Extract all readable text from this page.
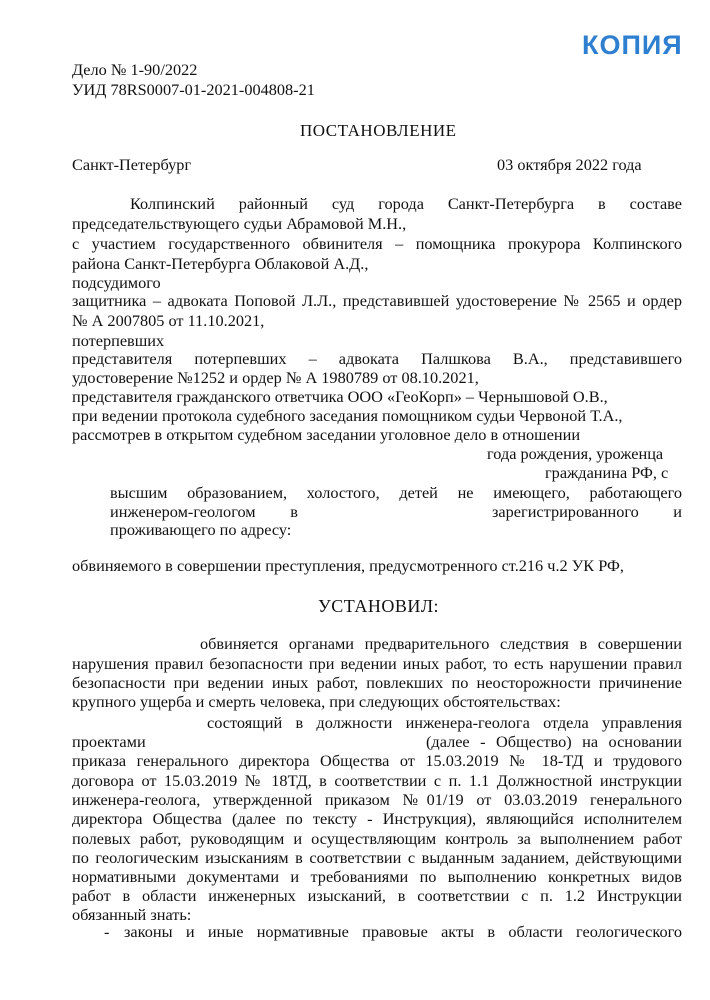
КОПИЯ
Дело № 1-90/2022
УИД 78RS0007-01-2021-004808-21
ПОСТАНОВЛЕНИЕ
Санкт-Петербург	03 октября 2022 года
Колпинский районный суд города Санкт-Петербурга в составе
председательствующего судьи Абрамовой М.Н.,
с участием государственного обвинителя – помощника прокурора Колпинского
района Санкт-Петербурга Облаковой А.Д.,
подсудимого
защитника – адвоката Поповой Л.Л., представившей удостоверение № 2565 и ордер
№ А 2007805 от 11.10.2021,
потерпевших
представителя потерпевших – адвоката Палшкова В.А., представившего
удостоверение №1252 и ордер № А 1980789 от 08.10.2021,
представителя гражданского ответчика ООО «ГеоКорп» – Чернышовой О.В.,
при ведении протокола судебного заседания помощником судьи Червоной Т.А.,
рассмотрев в открытом судебном заседании уголовное дело в отношении
года рождения, уроженца
гражданина РФ, с
высшим образованием, холостого, детей не имеющего, работающего
инженером-геологом в	зарегистрированного и
проживающего по адресу:
обвиняемого в совершении преступления, предусмотренного ст.216 ч.2 УК РФ,
УСТАНОВИЛ:
обвиняется органами предварительного следствия в совершении
нарушения правил безопасности при ведении иных работ, то есть нарушении правил
безопасности при ведении иных работ, повлекших по неосторожности причинение
крупного ущерба и смерть человека, при следующих обстоятельствах:
состоящий в должности инженера-геолога отдела управления
проектами	(далее - Общество) на основании
приказа генерального директора Общества от 15.03.2019 № 18-ТД и трудового
договора от 15.03.2019 № 18ТД, в соответствии с п. 1.1 Должностной инструкции
инженера-геолога, утвержденной приказом №01/19 от 03.03.2019 генерального
директора Общества (далее по тексту - Инструкция), являющийся исполнителем
полевых работ, руководящим и осуществляющим контроль за выполнением работ
по геологическим изысканиям в соответствии с выданным заданием, действующими
нормативными документами и требованиями по выполнению конкретных видов
работ в области инженерных изысканий, в соответствии с п. 1.2 Инструкции
обязанный знать:
- законы и иные нормативные правовые акты в области геологического
